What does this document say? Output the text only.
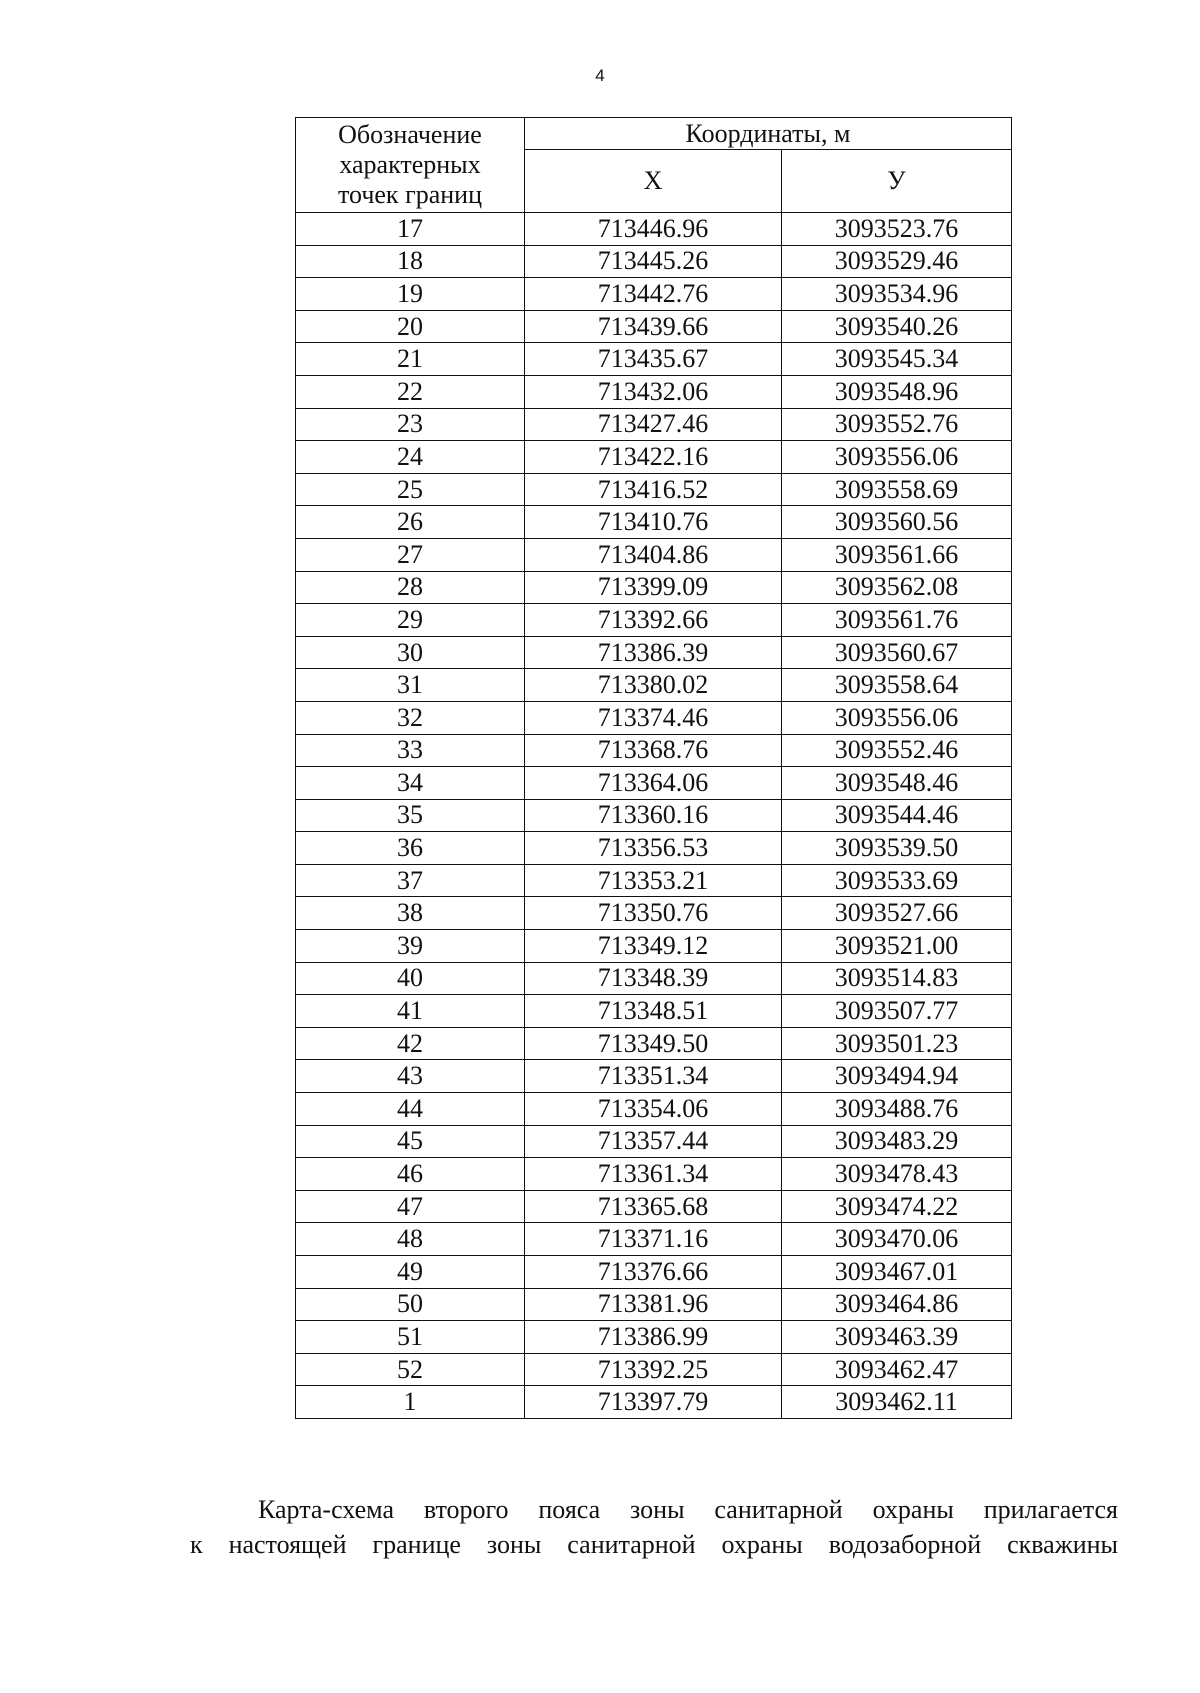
4
Обозначение
характерных
точек границ	Координаты, м	
	X	У
17	713446.96	3093523.76
18	713445.26	3093529.46
19	713442.76	3093534.96
20	713439.66	3093540.26
21	713435.67	3093545.34
22	713432.06	3093548.96
23	713427.46	3093552.76
24	713422.16	3093556.06
25	713416.52	3093558.69
26	713410.76	3093560.56
27	713404.86	3093561.66
28	713399.09	3093562.08
29	713392.66	3093561.76
30	713386.39	3093560.67
31	713380.02	3093558.64
32	713374.46	3093556.06
33	713368.76	3093552.46
34	713364.06	3093548.46
35	713360.16	3093544.46
36	713356.53	3093539.50
37	713353.21	3093533.69
38	713350.76	3093527.66
39	713349.12	3093521.00
40	713348.39	3093514.83
41	713348.51	3093507.77
42	713349.50	3093501.23
43	713351.34	3093494.94
44	713354.06	3093488.76
45	713357.44	3093483.29
46	713361.34	3093478.43
47	713365.68	3093474.22
48	713371.16	3093470.06
49	713376.66	3093467.01
50	713381.96	3093464.86
51	713386.99	3093463.39
52	713392.25	3093462.47
1	713397.79	3093462.11
Карта-схема второго пояса зоны санитарной охраны прилагается
к настоящей границе зоны санитарной охраны водозаборной скважины
